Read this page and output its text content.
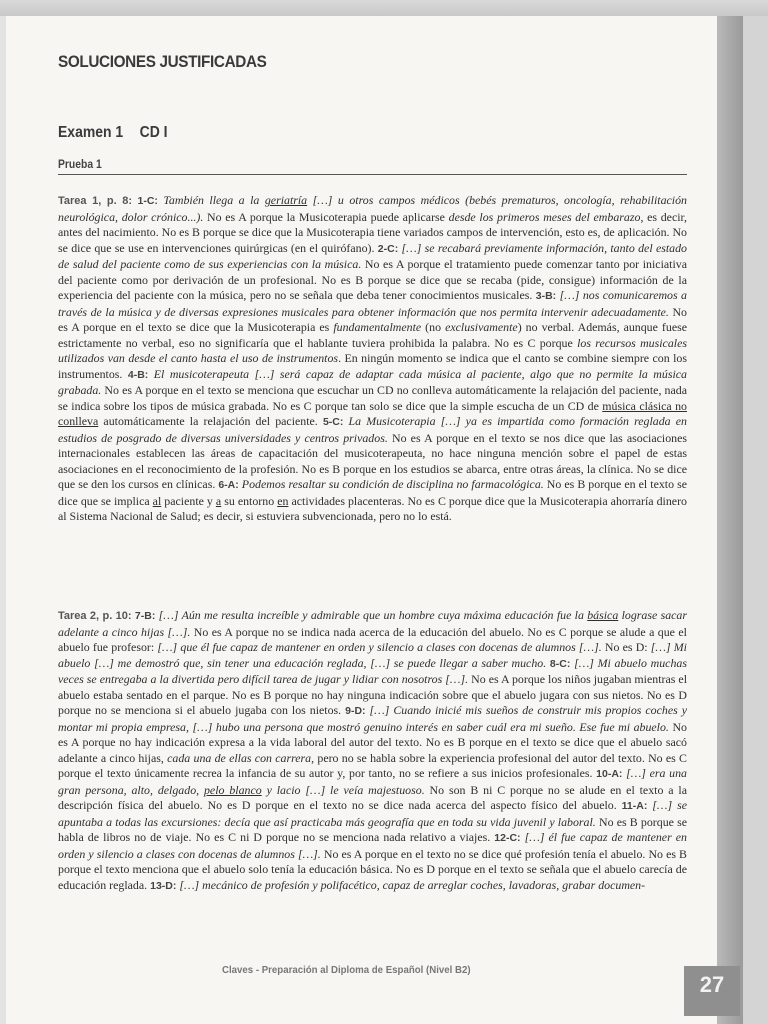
SOLUCIONES JUSTIFICADAS
Examen 1 CD I
Prueba 1
Tarea 1, p. 8: 1-C: También llega a la geriatría […] u otros campos médicos (bebés prematuros, oncología, rehabilitación neurológica, dolor crónico...). No es A porque la Musicoterapia puede aplicarse desde los primeros meses del embarazo, es decir, antes del nacimiento. No es B porque se dice que la Musicoterapia tiene variados campos de intervención, esto es, de aplicación. No se dice que se use en intervenciones quirúrgicas (en el quirófano). 2-C: […] se recabará previamente información, tanto del estado de salud del paciente como de sus experiencias con la música. No es A porque el tratamiento puede comenzar tanto por iniciativa del paciente como por derivación de un profesional. No es B porque se dice que se recaba (pide, consigue) información de la experiencia del paciente con la música, pero no se señala que deba tener conocimientos musicales. 3-B: […] nos comunicaremos a través de la música y de diversas expresiones musicales para obtener información que nos permita intervenir adecuadamente. No es A porque en el texto se dice que la Musicoterapia es fundamentalmente (no exclusivamente) no verbal. Además, aunque fuese estrictamente no verbal, eso no significaría que el hablante tuviera prohibida la palabra. No es C porque los recursos musicales utilizados van desde el canto hasta el uso de instrumentos. En ningún momento se indica que el canto se combine siempre con los instrumentos. 4-B: El musicoterapeuta […] será capaz de adaptar cada música al paciente, algo que no permite la música grabada. No es A porque en el texto se menciona que escuchar un CD no conlleva automáticamente la relajación del paciente, nada se indica sobre los tipos de música grabada. No es C porque tan solo se dice que la simple escucha de un CD de música clásica no conlleva automáticamente la relajación del paciente. 5-C: La Musicoterapia […] ya es impartida como formación reglada en estudios de posgrado de diversas universidades y centros privados. No es A porque en el texto se nos dice que las asociaciones internacionales establecen las áreas de capacitación del musicoterapeuta, no hace ninguna mención sobre el papel de estas asociaciones en el reconocimiento de la profesión. No es B porque en los estudios se abarca, entre otras áreas, la clínica. No se dice que se den los cursos en clínicas. 6-A: Podemos resaltar su condición de disciplina no farmacológica. No es B porque en el texto se dice que se implica al paciente y a su entorno en actividades placenteras. No es C porque dice que la Musicoterapia ahorraría dinero al Sistema Nacional de Salud; es decir, si estuviera subvencionada, pero no lo está.
Tarea 2, p. 10: 7-B: […] Aún me resulta increíble y admirable que un hombre cuya máxima educación fue la básica lograse sacar adelante a cinco hijas […]. No es A porque no se indica nada acerca de la educación del abuelo. No es C porque se alude a que el abuelo fue profesor: […] que él fue capaz de mantener en orden y silencio a clases con docenas de alumnos […]. No es D: […] Mi abuelo […] me demostró que, sin tener una educación reglada, […] se puede llegar a saber mucho. 8-C: […] Mi abuelo muchas veces se entregaba a la divertida pero difícil tarea de jugar y lidiar con nosotros […]. No es A porque los niños jugaban mientras el abuelo estaba sentado en el parque. No es B porque no hay ninguna indicación sobre que el abuelo jugara con sus nietos. No es D porque no se menciona si el abuelo jugaba con los nietos. 9-D: […] Cuando inicié mis sueños de construir mis propios coches y montar mi propia empresa, […] hubo una persona que mostró genuino interés en saber cuál era mi sueño. Ese fue mi abuelo. No es A porque no hay indicación expresa a la vida laboral del autor del texto. No es B porque en el texto se dice que el abuelo sacó adelante a cinco hijas, cada una de ellas con carrera, pero no se habla sobre la experiencia profesional del autor del texto. No es C porque el texto únicamente recrea la infancia de su autor y, por tanto, no se refiere a sus inicios profesionales. 10-A: […] era una gran persona, alto, delgado, pelo blanco y lacio […] le veía majestuoso. No son B ni C porque no se alude en el texto a la descripción física del abuelo. No es D porque en el texto no se dice nada acerca del aspecto físico del abuelo. 11-A: […] se apuntaba a todas las excursiones: decía que así practicaba más geografía que en toda su vida juvenil y laboral. No es B porque se habla de libros no de viaje. No es C ni D porque no se menciona nada relativo a viajes. 12-C: […] él fue capaz de mantener en orden y silencio a clases con docenas de alumnos […]. No es A porque en el texto no se dice qué profesión tenía el abuelo. No es B porque el texto menciona que el abuelo solo tenía la educación básica. No es D porque en el texto se señala que el abuelo carecía de educación reglada. 13-D: […] mecánico de profesión y polifacético, capaz de arreglar coches, lavadoras, grabar documen-
Claves - Preparación al Diploma de Español (Nivel B2)
27
